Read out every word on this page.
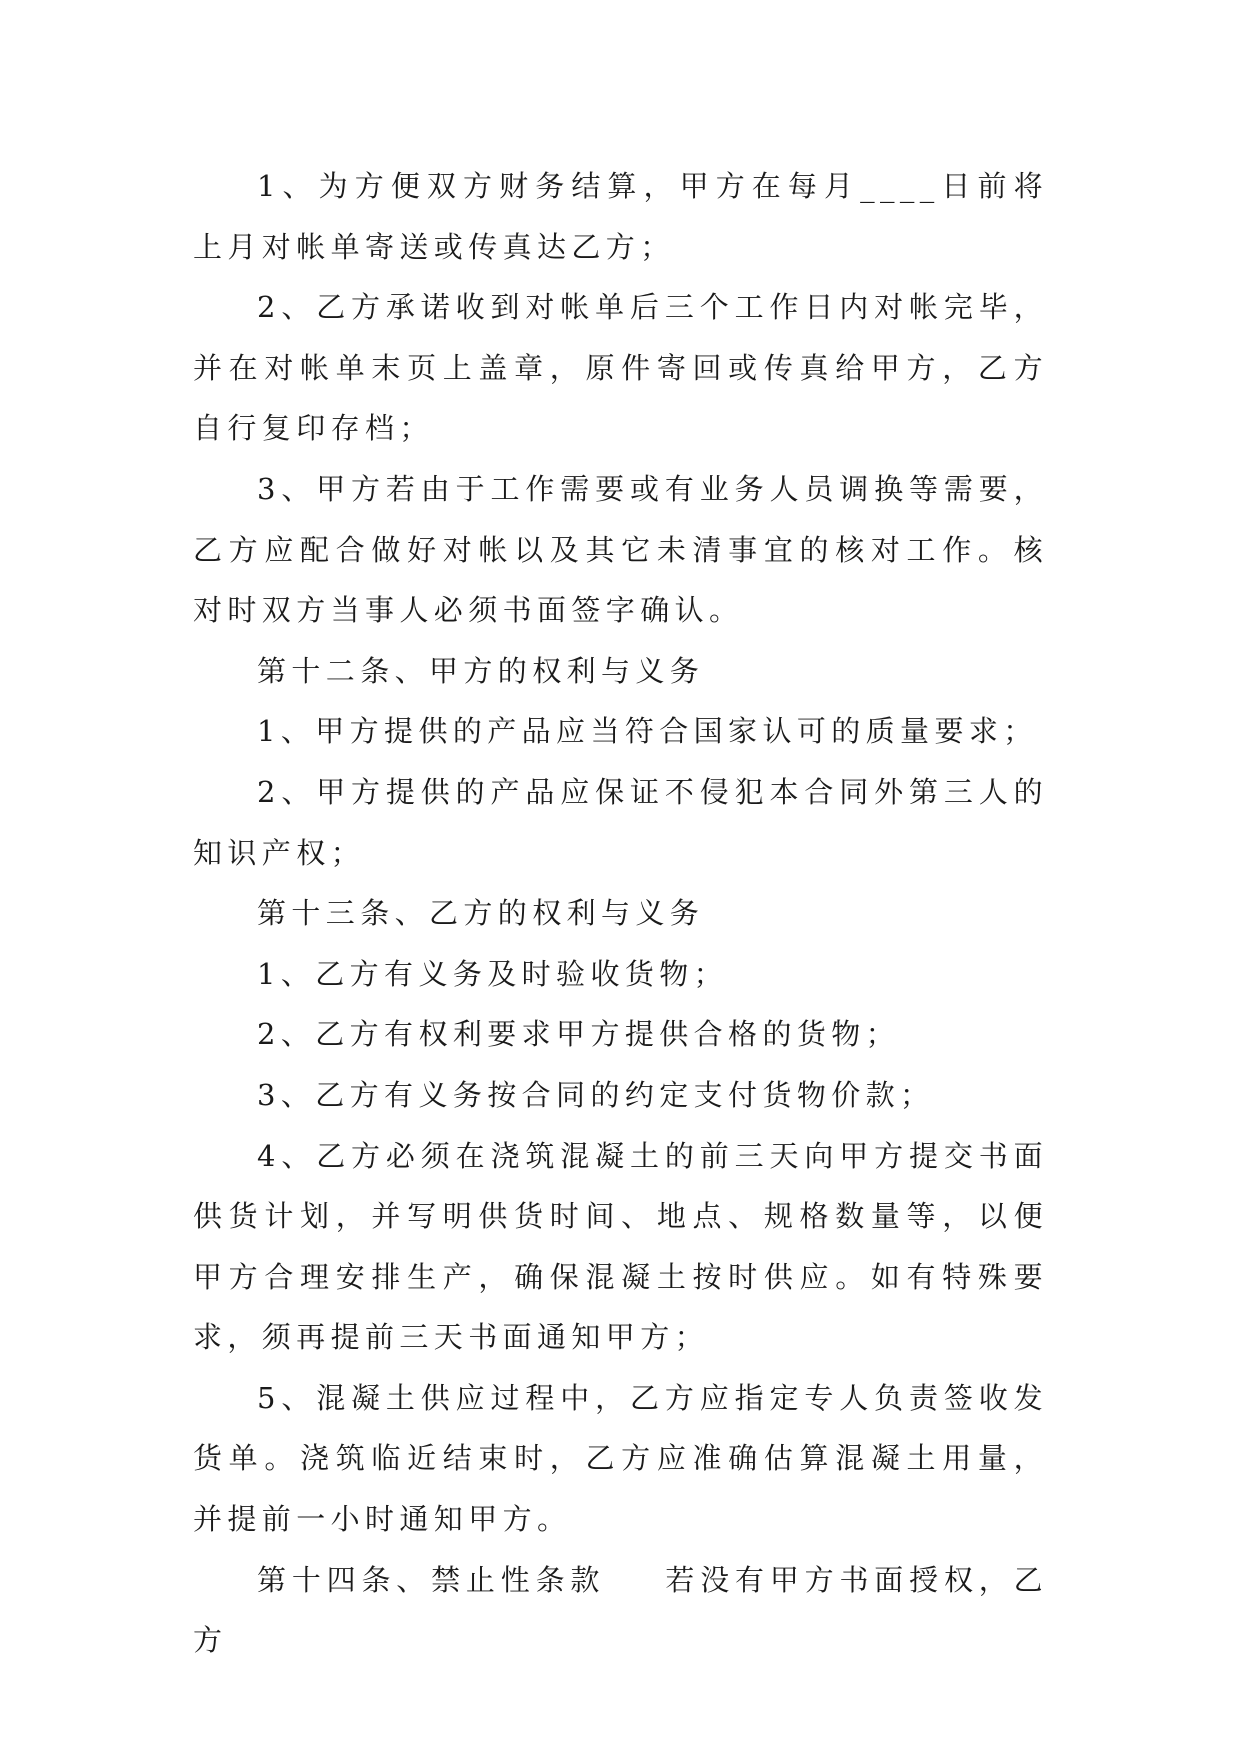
1、为方便双方财务结算，甲方在每月____日前将上月对帐单寄送或传真达乙方；

2、乙方承诺收到对帐单后三个工作日内对帐完毕，并在对帐单末页上盖章，原件寄回或传真给甲方，乙方自行复印存档；

3、甲方若由于工作需要或有业务人员调换等需要，乙方应配合做好对帐以及其它未清事宜的核对工作。核对时双方当事人必须书面签字确认。

第十二条、甲方的权利与义务

1、甲方提供的产品应当符合国家认可的质量要求；

2、甲方提供的产品应保证不侵犯本合同外第三人的知识产权；

第十三条、乙方的权利与义务

1、乙方有义务及时验收货物；

2、乙方有权利要求甲方提供合格的货物；

3、乙方有义务按合同的约定支付货物价款；

4、乙方必须在浇筑混凝土的前三天向甲方提交书面供货计划，并写明供货时间、地点、规格数量等，以便甲方合理安排生产，确保混凝土按时供应。如有特殊要求，须再提前三天书面通知甲方；

5、混凝土供应过程中，乙方应指定专人负责签收发货单。浇筑临近结束时，乙方应准确估算混凝土用量，并提前一小时通知甲方。

第十四条、禁止性条款    若没有甲方书面授权，乙方
